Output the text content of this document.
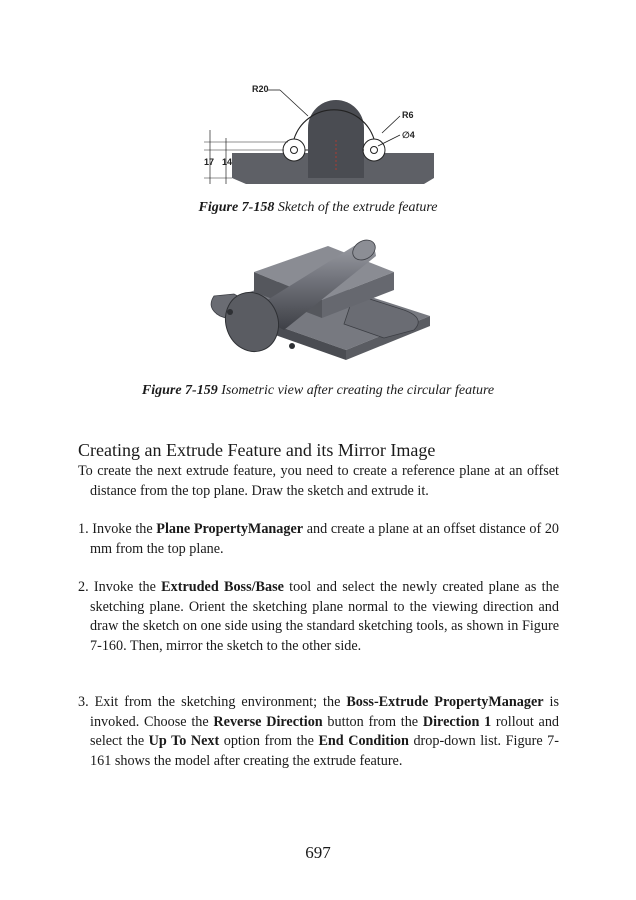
R20
R6
∅4
17 14
Figure 7-158 Sketch of the extrude feature
Figure 7-159 Isometric view after creating the circular feature
Creating an Extrude Feature and its Mirror Image
To create the next extrude feature, you need to create a reference plane at an offset distance from the top plane. Draw the sketch and extrude it.
1. Invoke the Plane PropertyManager and create a plane at an offset distance of 20 mm from the top plane.
2. Invoke the Extruded Boss/Base tool and select the newly created plane as the sketching plane. Orient the sketching plane normal to the viewing direction and draw the sketch on one side using the standard sketching tools, as shown in Figure 7-160. Then, mirror the sketch to the other side.
3. Exit from the sketching environment; the Boss-Extrude PropertyManager is invoked. Choose the Reverse Direction button from the Direction 1 rollout and select the Up To Next option from the End Condition drop-down list. Figure 7-161 shows the model after creating the extrude feature.
697
